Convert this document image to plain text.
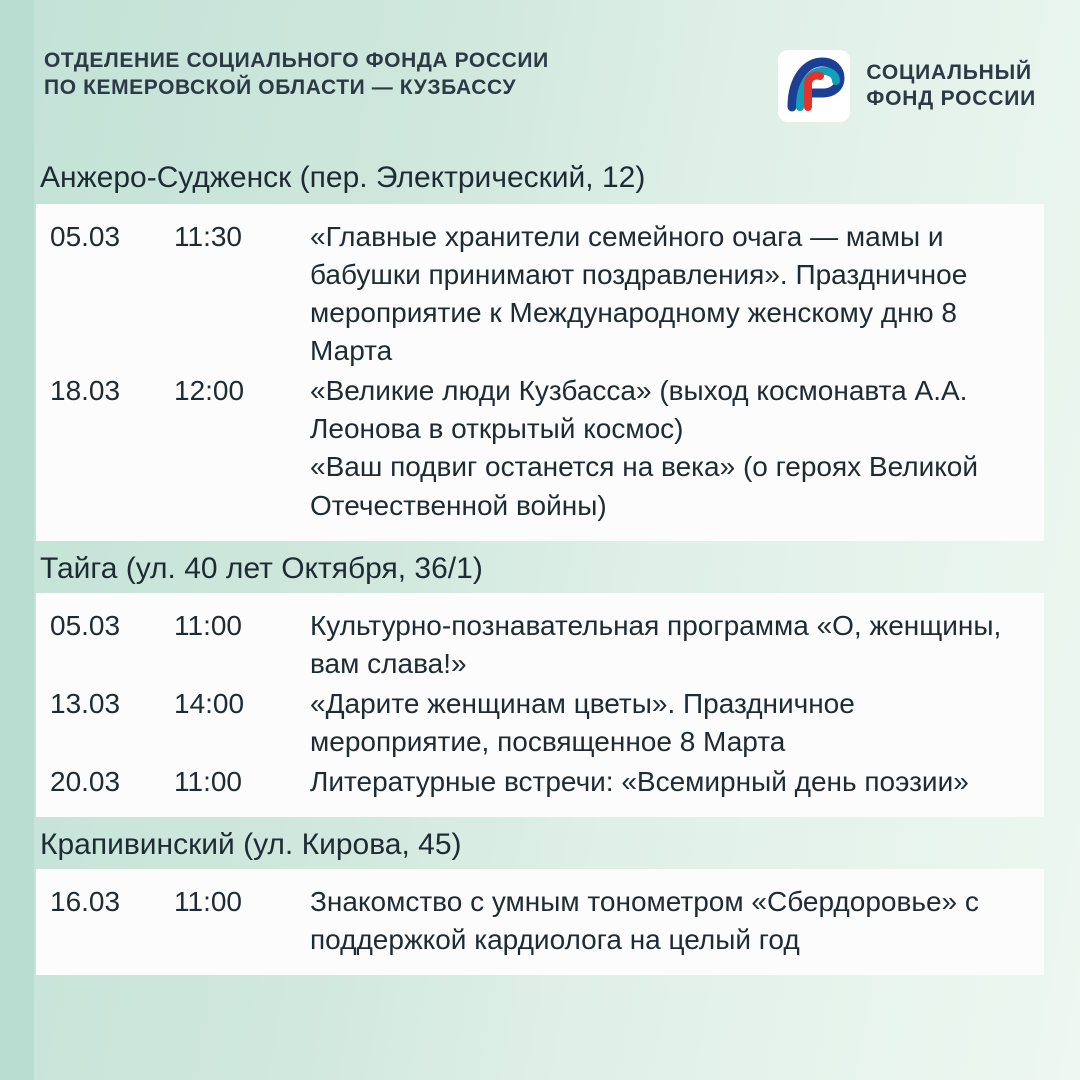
ОТДЕЛЕНИЕ СОЦИАЛЬНОГО ФОНДА РОССИИ
ПО КЕМЕРОВСКОЙ ОБЛАСТИ — КУЗБАССУ
СОЦИАЛЬНЫЙ
ФОНД РОССИИ
Анжеро-Судженск (пер. Электрический, 12)
05.03	11:30	«Главные хранители семейного очага — мамы и бабушки принимают поздравления». Праздничное мероприятие к Международному женскому дню 8 Марта
18.03	12:00	«Великие люди Кузбасса» (выход космонавта А.А. Леонова в открытый космос)
«Ваш подвиг останется на века» (о героях Великой Отечественной войны)
Тайга (ул. 40 лет Октября, 36/1)
05.03	11:00	Культурно-познавательная программа «О, женщины, вам слава!»
13.03	14:00	«Дарите женщинам цветы». Праздничное мероприятие, посвященное 8 Марта
20.03	11:00	Литературные встречи: «Всемирный день поэзии»
Крапивинский (ул. Кирова, 45)
16.03	11:00	Знакомство с умным тонометром «Сбердоровье» с поддержкой кардиолога на целый год
